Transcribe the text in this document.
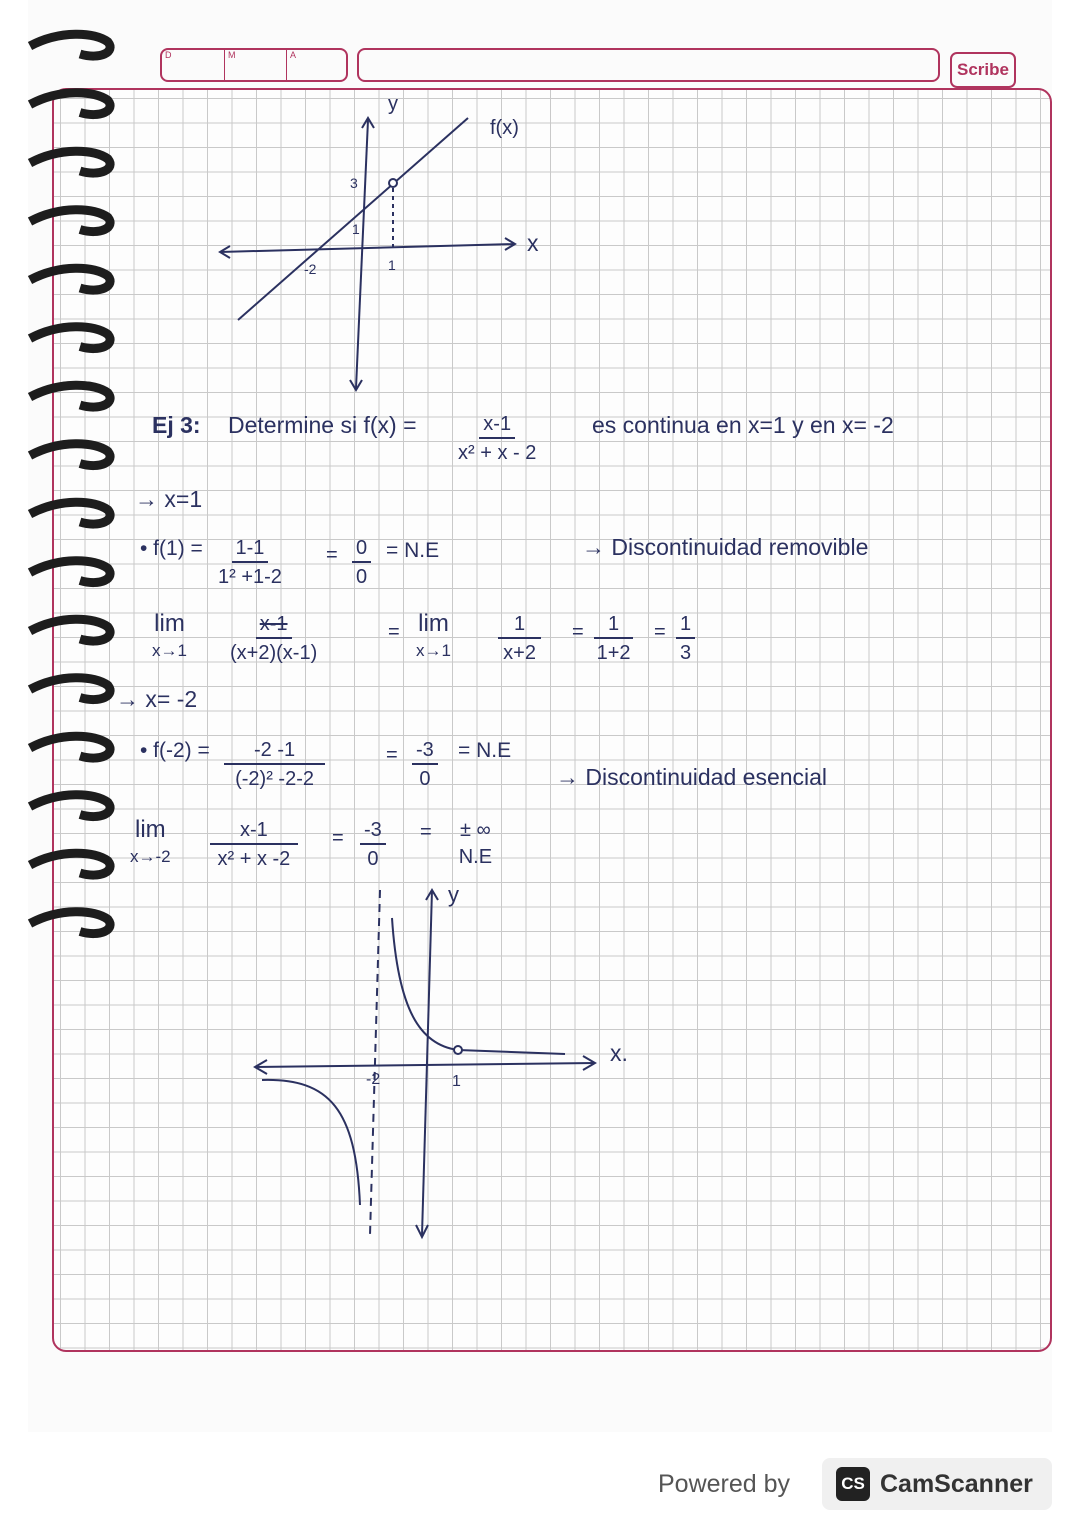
D	M	A
Scribe
y
x
f(x)
3
1
-2	1
Ej 3: Determine si $f(x) = \frac{x-1}{\text{x² + x - 2}}$ es continua en x=1 y en x= -2
→ x=1
• $f(1) = \frac{1-1}{\text{1² +1-2}} = \frac{0}{0} = N.E$	→ Discontinuidad removible
lim
$x\to 1 \frac{x-1}{(x+2)(x-1)}$	= lim
$x\to 1 \frac{1}{x+2} = \frac{1}{1+2} = \frac{1}{3}$
→ x= -2
• $f(-2) = \frac{-2 -1}{\text{(-2)² -2-2}}$	= $\frac{-3}{0} = N.E$
→ Discontinuidad esencial
lim
$x\to-2 \frac{x-1}{\text{x² + x -2}} = \frac{-3}{0}$ = ± ∞
N.E
y
x.
-2	1
Powered by	CS CamScanner
